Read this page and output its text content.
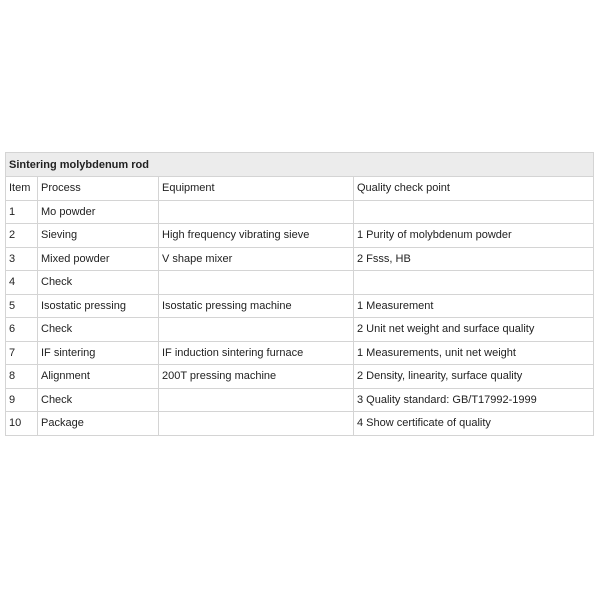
Sintering molybdenum rod			
Item	Process	Equipment	Quality check point
1	Mo powder		
2	Sieving	High frequency vibrating sieve	1 Purity of molybdenum powder
3	Mixed powder	V shape mixer	2 Fsss, HB
4	Check		
5	Isostatic pressing	Isostatic pressing machine	1 Measurement
6	Check		2 Unit net weight and surface quality
7	IF sintering	IF induction sintering furnace	1 Measurements, unit net weight
8	Alignment	200T pressing machine	2 Density, linearity, surface quality
9	Check		3 Quality standard: GB/T17992-1999
10	Package		4 Show certificate of quality
